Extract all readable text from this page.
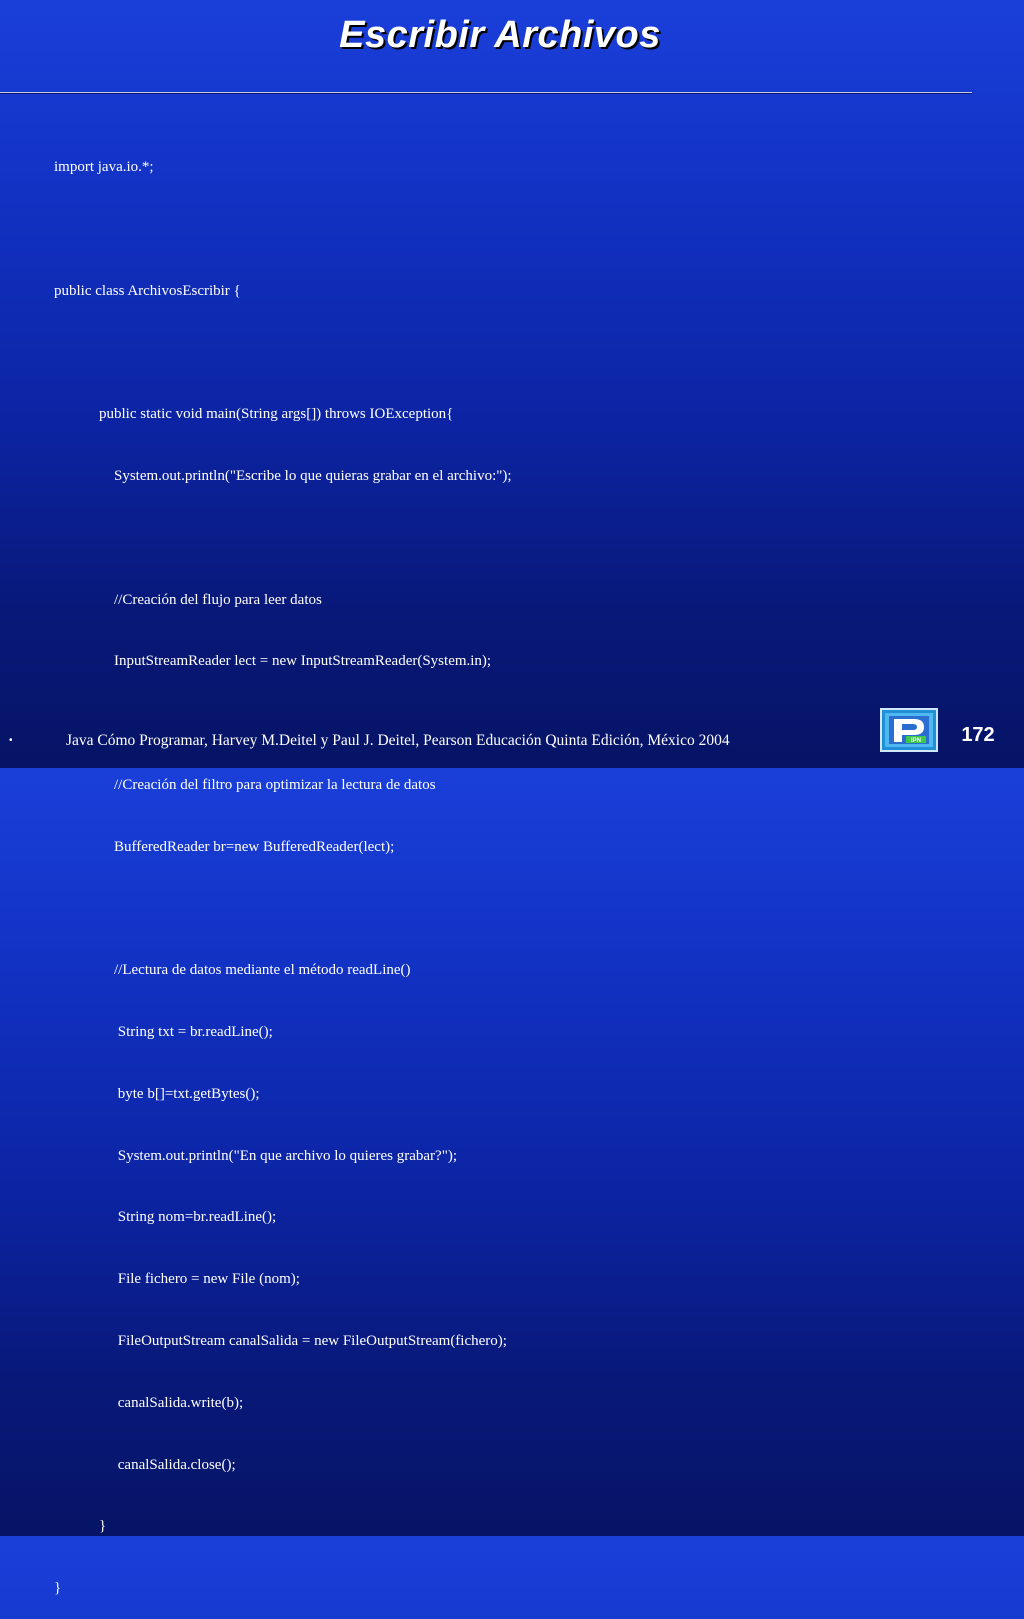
Escribir Archivos

import java.io.*;

public class ArchivosEscribir {

public static void main(String args[]) throws IOException{

System.out.println("Escribe lo que quieras grabar en el archivo:");

//Creación del flujo para leer datos

InputStreamReader lect = new InputStreamReader(System.in);

//Creación del filtro para optimizar la lectura de datos

BufferedReader br=new BufferedReader(lect);

//Lectura de datos mediante el método readLine()

String txt = br.readLine();

byte b[]=txt.getBytes();

System.out.println("En que archivo lo quieres grabar?");

String nom=br.readLine();

File fichero = new File (nom);

FileOutputStream canalSalida = new FileOutputStream(fichero);

canalSalida.write(b);

canalSalida.close();

}

}

•	Java Cómo Programar, Harvey M.Deitel y Paul J. Deitel, Pearson Educación Quinta Edición, México 2004	IPN 172
